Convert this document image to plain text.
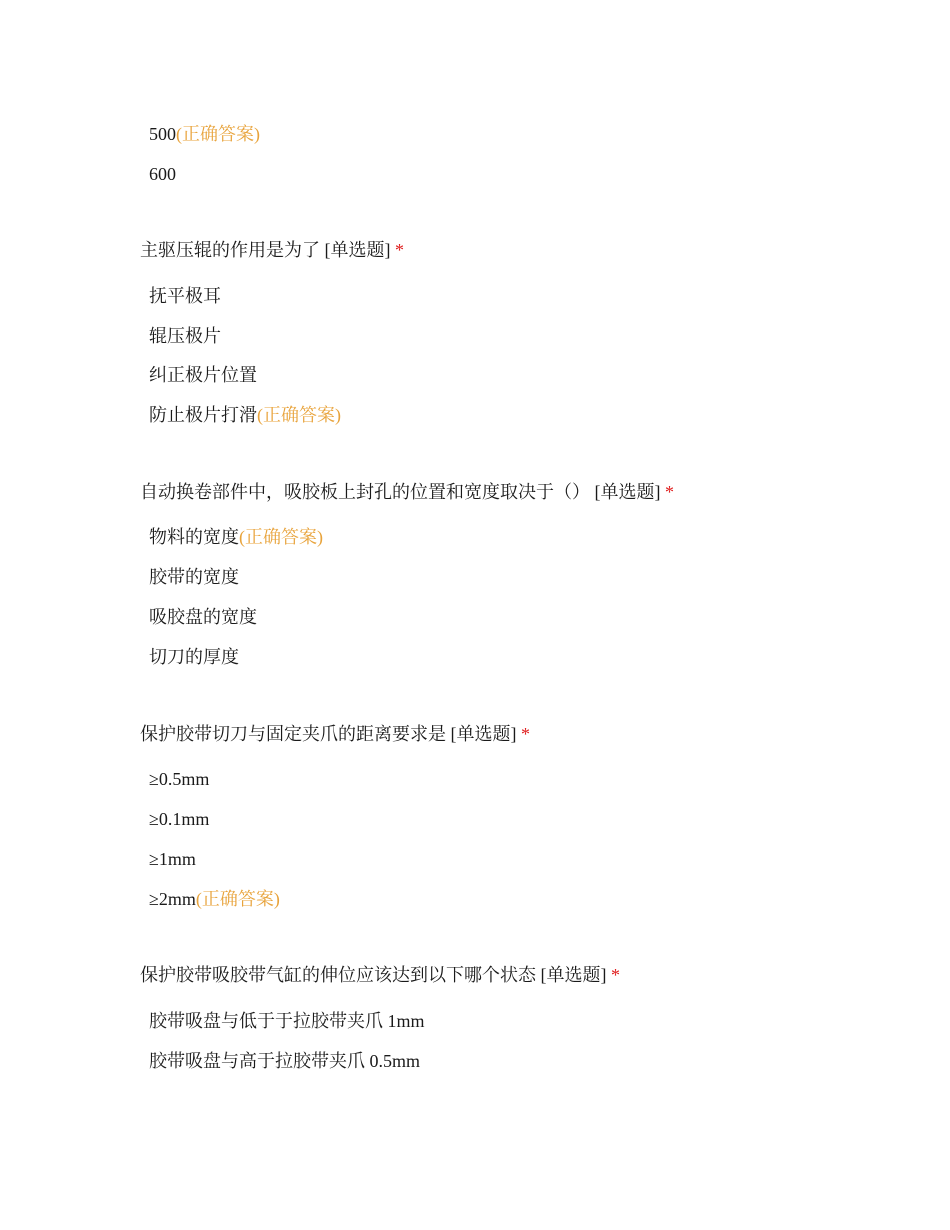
500(正确答案)
600
主驱压辊的作用是为了 [单选题] *
抚平极耳
辊压极片
纠正极片位置
防止极片打滑(正确答案)
自动换卷部件中，吸胶板上封孔的位置和宽度取决于（） [单选题] *
物料的宽度(正确答案)
胶带的宽度
吸胶盘的宽度
切刀的厚度
保护胶带切刀与固定夹爪的距离要求是 [单选题] *
≥0.5mm
≥0.1mm
≥1mm
≥2mm(正确答案)
保护胶带吸胶带气缸的伸位应该达到以下哪个状态 [单选题] *
胶带吸盘与低于于拉胶带夹爪 1mm
胶带吸盘与高于拉胶带夹爪 0.5mm
